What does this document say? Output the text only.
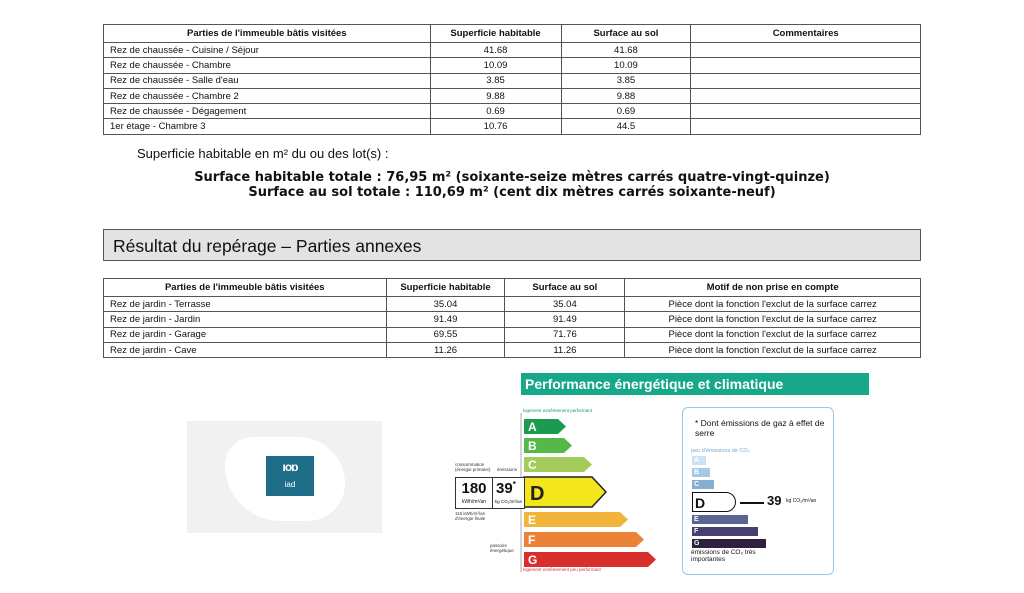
Parties de l'immeuble bâtis visitées	Superficie habitable	Surface au sol	Commentaires
Rez de chaussée - Cuisine / Séjour	41.68	41.68	
Rez de chaussée - Chambre	10.09	10.09	
Rez de chaussée - Salle d'eau	3.85	3.85	
Rez de chaussée - Chambre 2	9.88	9.88	
Rez de chaussée - Dégagement	0.69	0.69	
1er étage - Chambre 3	10.76	44.5	
Superficie habitable en m² du ou des lot(s) :
Surface habitable totale : 76,95 m² (soixante-seize mètres carrés quatre-vingt-quinze)
Surface au sol totale : 110,69 m² (cent dix mètres carrés soixante-neuf)
Résultat du repérage – Parties annexes
Parties de l'immeuble bâtis visitées	Superficie habitable	Surface au sol	Motif de non prise en compte
Rez de jardin - Terrasse	35.04	35.04	Pièce dont la fonction l'exclut de la surface carrez
Rez de jardin - Jardin	91.49	91.49	Pièce dont la fonction l'exclut de la surface carrez
Rez de jardin - Garage	69.55	71.76	Pièce dont la fonction l'exclut de la surface carrez
Rez de jardin - Cave	11.26	11.26	Pièce dont la fonction l'exclut de la surface carrez
ıoɒ
iad
Performance énergétique et climatique
logement extrêmement performant
logement extrêmement peu performant
A
B
C
D
E
F
G
consommation (énergie primaire) émissions
180
kWh/m²/an
39*
kg CO₂/m²/an
116 kWh/m²/an d'énergie finale
passoire énergétique
* Dont émissions de gaz à effet de serre
peu d'émissions de CO₂
A
B
C
D
E
F
G
39 kg CO₂/m²/an
émissions de CO₂ très importantes
